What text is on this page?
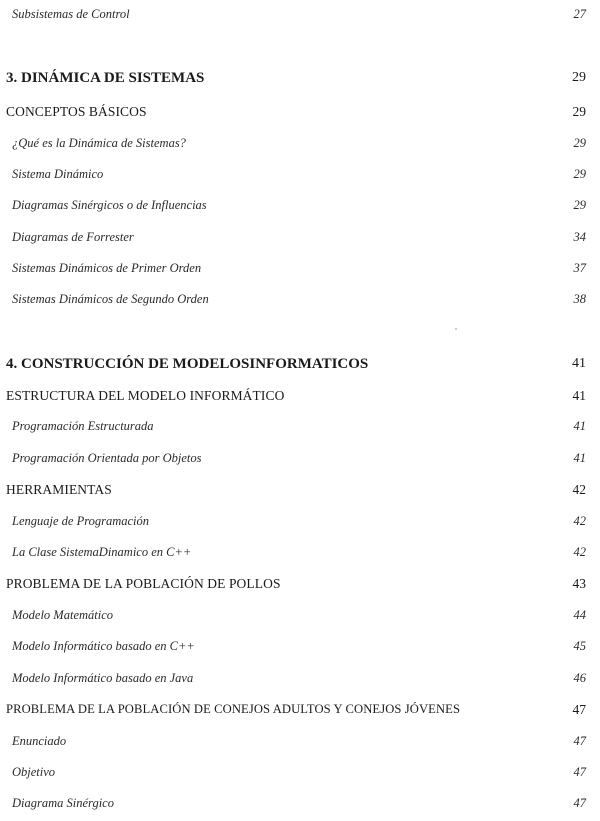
Subsistemas de Control	27
3. DINÁMICA DE SISTEMAS	29
CONCEPTOS BÁSICOS	29
¿Qué es la Dinámica de Sistemas?	29
Sistema Dinámico	29
Diagramas Sinérgicos o de Influencias	29
Diagramas de Forrester	34
Sistemas Dinámicos de Primer Orden	37
Sistemas Dinámicos de Segundo Orden	38
4. CONSTRUCCIÓN DE MODELOSINFORMATICOS	41
ESTRUCTURA DEL MODELO INFORMÁTICO	41
Programación Estructurada	41
Programación Orientada por Objetos	41
HERRAMIENTAS	42
Lenguaje de Programación	42
La Clase SistemaDinamico en C++	42
PROBLEMA DE LA POBLACIÓN DE POLLOS	43
Modelo Matemático	44
Modelo Informático basado en C++	45
Modelo Informático basado en Java	46
PROBLEMA DE LA POBLACIÓN DE CONEJOS ADULTOS Y CONEJOS JÓVENES	47
Enunciado	47
Objetivo	47
Diagrama Sinérgico	47
